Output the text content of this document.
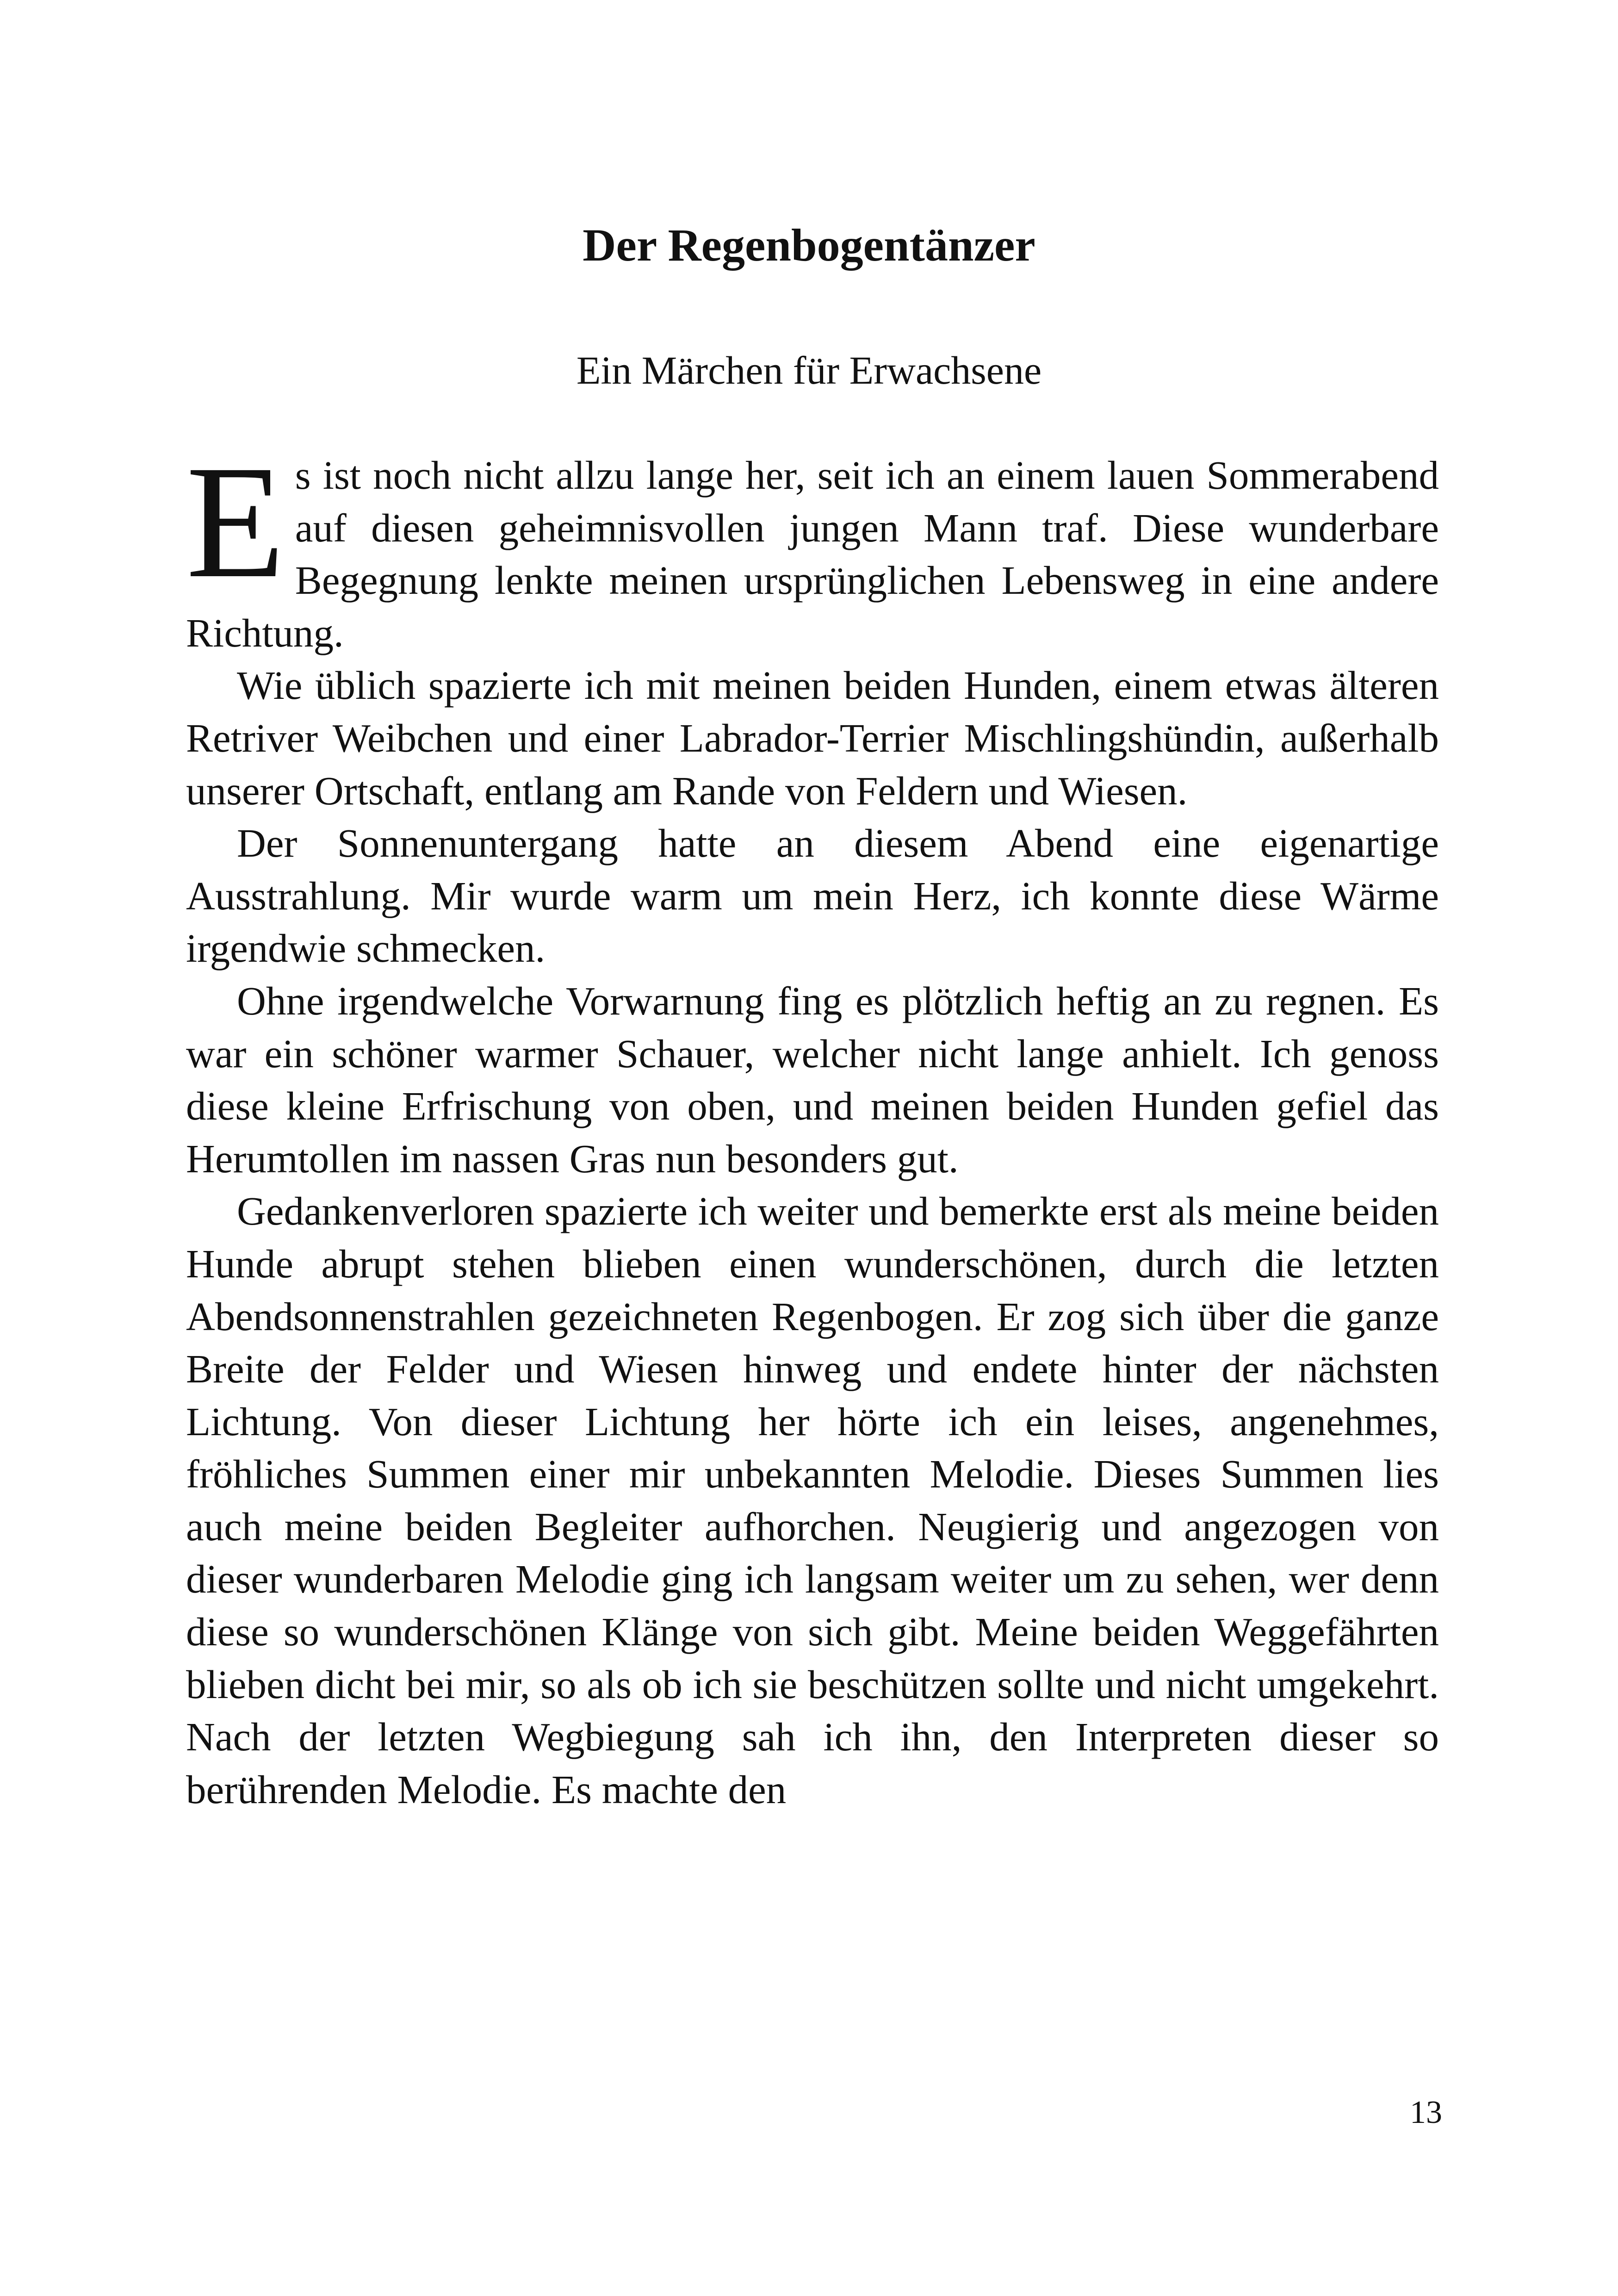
Der Regenbogentänzer

Ein Märchen für Erwachsene

Es ist noch nicht allzu lange her, seit ich an einem lauen Sommerabend auf diesen geheimnisvollen jungen Mann traf. Diese wunderbare Begegnung lenkte meinen ursprünglichen Lebensweg in eine andere Richtung.

Wie üblich spazierte ich mit meinen beiden Hunden, einem etwas älteren Retriver Weibchen und einer Labrador-Terrier Mischlingshündin, außerhalb unserer Ortschaft, entlang am Rande von Feldern und Wiesen.

Der Sonnenuntergang hatte an diesem Abend eine eigenartige Ausstrahlung. Mir wurde warm um mein Herz, ich konnte diese Wärme irgendwie schmecken.

Ohne irgendwelche Vorwarnung fing es plötzlich heftig an zu regnen. Es war ein schöner warmer Schauer, welcher nicht lange anhielt. Ich genoss diese kleine Erfrischung von oben, und meinen beiden Hunden gefiel das Herumtollen im nassen Gras nun besonders gut.

Gedankenverloren spazierte ich weiter und bemerkte erst als meine beiden Hunde abrupt stehen blieben einen wunderschönen, durch die letzten Abendsonnenstrahlen gezeichneten Regenbogen. Er zog sich über die ganze Breite der Felder und Wiesen hinweg und endete hinter der nächsten Lichtung. Von dieser Lichtung her hörte ich ein leises, angenehmes, fröhliches Summen einer mir unbekannten Melodie. Dieses Summen lies auch meine beiden Begleiter aufhorchen. Neugierig und angezogen von dieser wunderbaren Melodie ging ich langsam weiter um zu sehen, wer denn diese so wunderschönen Klänge von sich gibt. Meine beiden Weggefährten blieben dicht bei mir, so als ob ich sie beschützen sollte und nicht umgekehrt. Nach der letzten Wegbiegung sah ich ihn, den Interpreten dieser so berührenden Melodie. Es machte den

13
